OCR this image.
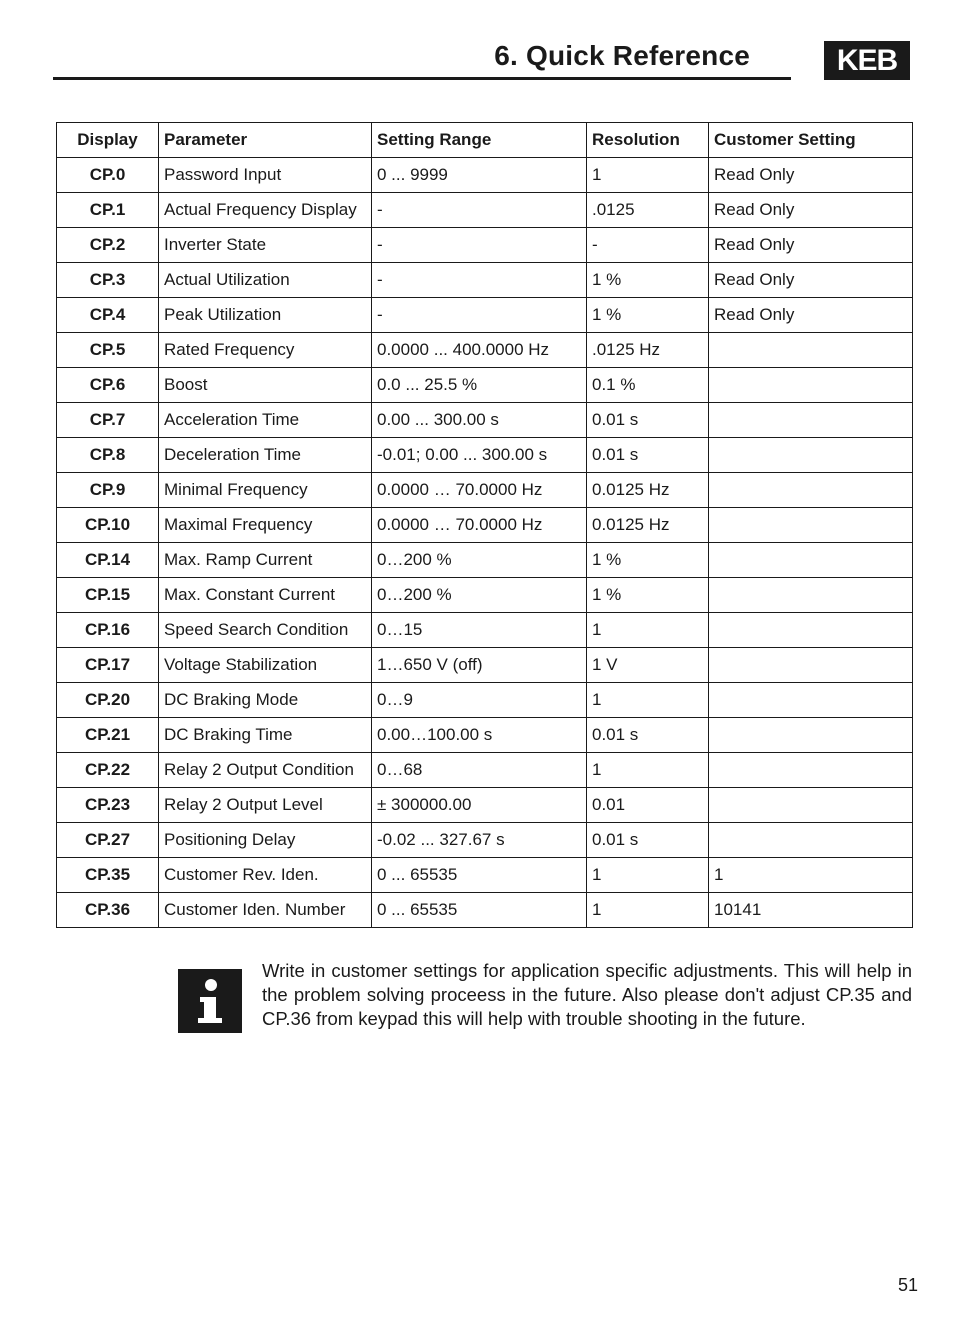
6. Quick Reference	KEB
Display	Parameter	Setting Range	Resolution	Customer Setting
CP.0	Password Input	0 ... 9999	1	Read Only
CP.1	Actual Frequency Display	-	.0125	Read Only
CP.2	Inverter State	-	-	Read Only
CP.3	Actual Utilization	-	1 %	Read Only
CP.4	Peak Utilization	-	1 %	Read Only
CP.5	Rated Frequency	0.0000 ... 400.0000 Hz	.0125 Hz	
CP.6	Boost	0.0 ... 25.5 %	0.1 %	
CP.7	Acceleration Time	0.00 ... 300.00 s	0.01 s	
CP.8	Deceleration Time	-0.01; 0.00 ... 300.00 s	0.01 s	
CP.9	Minimal Frequency	0.0000 … 70.0000 Hz	0.0125 Hz	
CP.10	Maximal Frequency	0.0000 … 70.0000 Hz	0.0125 Hz	
CP.14	Max. Ramp Current	0…200 %	1 %	
CP.15	Max. Constant Current	0…200 %	1 %	
CP.16	Speed Search Condition	0…15	1	
CP.17	Voltage Stabilization	1…650 V (off)	1 V	
CP.20	DC Braking Mode	0…9	1	
CP.21	DC Braking Time	0.00…100.00 s	0.01 s	
CP.22	Relay 2 Output Condition	0…68	1	
CP.23	Relay 2 Output Level	± 300000.00	0.01	
CP.27	Positioning Delay	-0.02 ... 327.67 s	0.01 s	
CP.35	Customer Rev. Iden.	0 ... 65535	1	1
CP.36	Customer Iden. Number	0 ... 65535	1	10141
Write in customer settings for application specific adjustments. This will help in the problem solving proceess in the future. Also please don't adjust CP.35 and CP.36 from keypad this will help with trouble shooting in the future.
51
